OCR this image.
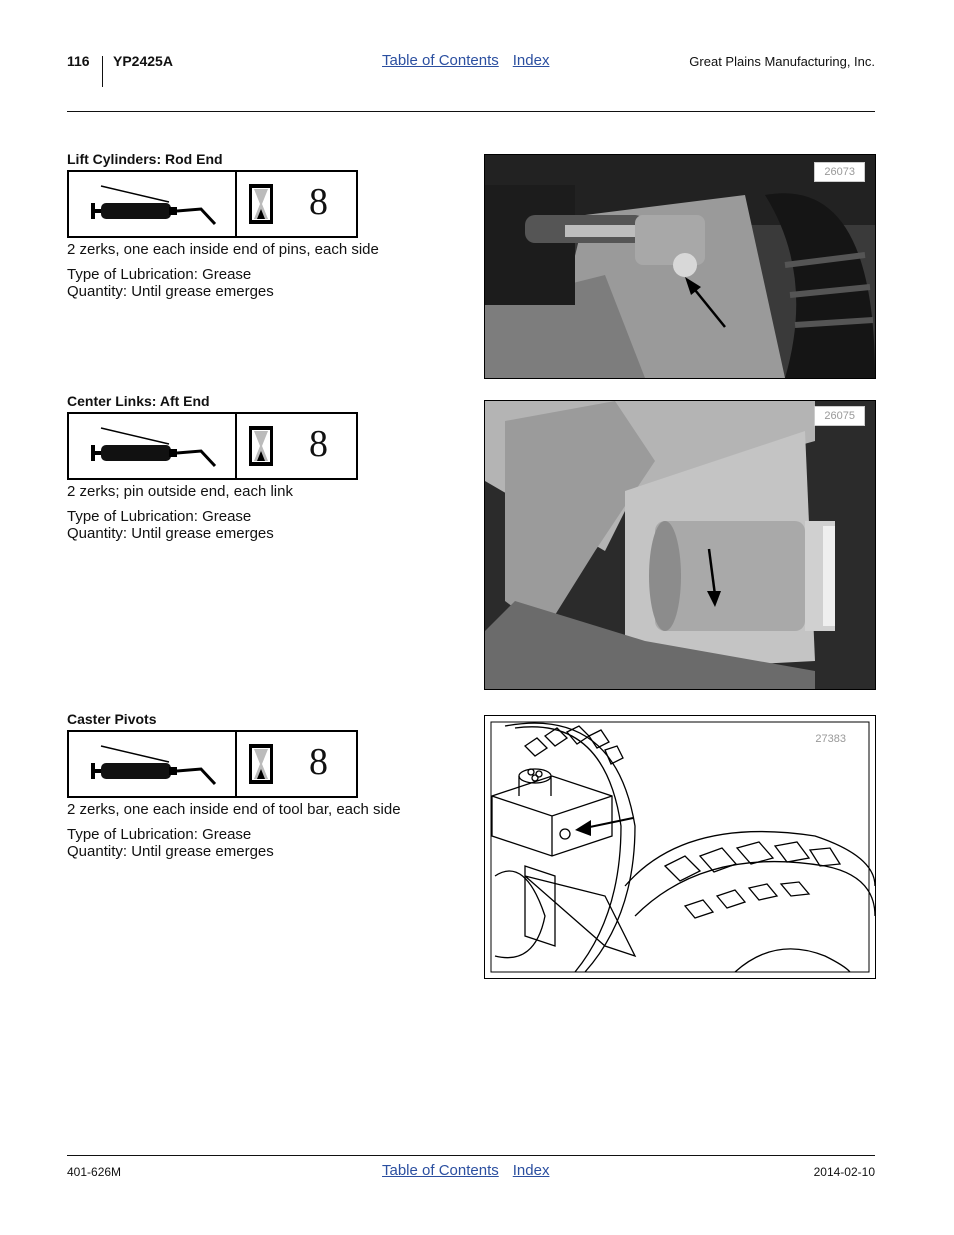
116 YP2425A	Table of Contents Index	Great Plains Manufacturing, Inc.
Lift Cylinders: Rod End
8
2 zerks, one each inside end of pins, each side
Type of Lubrication: Grease
Quantity: Until grease emerges
26073
Center Links: Aft End
8
2 zerks; pin outside end, each link
Type of Lubrication: Grease
Quantity: Until grease emerges
26075
Caster Pivots
8
2 zerks, one each inside end of tool bar, each side
Type of Lubrication: Grease
Quantity: Until grease emerges
27383
401-626M	Table of Contents Index	2014-02-10
